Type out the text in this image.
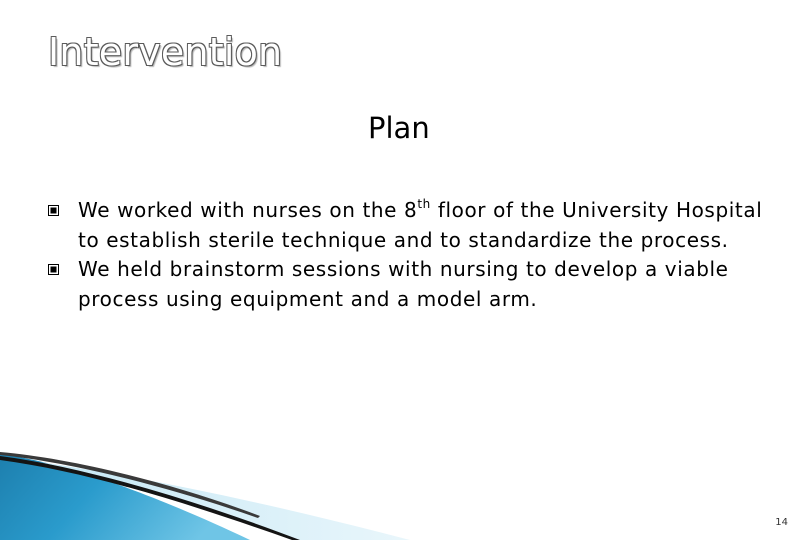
Intervention
Plan
We worked with nurses on the 8th floor of the University Hospital to establish sterile technique and to standardize the process.
We held brainstorm sessions with nursing to develop a viable process using equipment and a model arm.
14
